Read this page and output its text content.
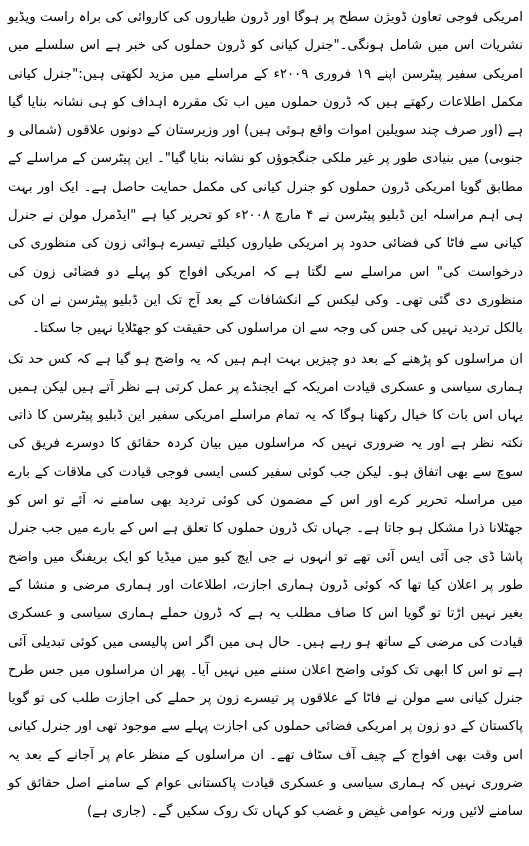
امریکی فوجی تعاون ڈویژن سطح پر ہوگا اور ڈرون طیاروں کی کاروائی کی براہ راست ویڈیو نشریات اس میں شامل ہونگی۔"جنرل کیانی کو ڈرون حملوں کی خبر ہے اس سلسلے میں امریکی سفیر پیٹرسن اپنے ۱۹ فروری ۲۰۰۹ء کے مراسلے میں مزید لکھتی ہیں:"جنرل کیانی مکمل اطلاعات رکھتے ہیں کہ ڈرون حملوں میں اب تک مقررہ اہداف کو ہی نشانہ بنایا گیا ہے (اور صرف چند سویلین اموات واقع ہوئی ہیں) اور وزیرستان کے دونوں علاقوں (شمالی و جنوبی) میں بنیادی طور پر غیر ملکی جنگجوؤں کو نشانہ بنایا گیا"۔ این پیٹرسن کے مراسلے کے مطابق گویا امریکی ڈرون حملوں کو جنرل کیانی کی مکمل حمایت حاصل ہے۔ ایک اور بہت ہی اہم مراسلہ این ڈبلیو پیٹرسن نے ۴ مارچ ۲۰۰۸ء کو تحریر کیا ہے "ایڈمرل مولن نے جنرل کیانی سے فاٹا کی فضائی حدود پر امریکی طیاروں کیلئے تیسرے ہوائی زون کی منظوری کی درخواست کی" اس مراسلے سے لگتا ہے کہ امریکی افواج کو پہلے دو فضائی زون کی منظوری دی گئی تھی۔ وکی لیکس کے انکشافات کے بعد آج تک این ڈبلیو پیٹرسن نے ان کی بالکل تردید نہیں کی جس کی وجہ سے ان مراسلوں کی حقیقت کو جھٹلایا نہیں جا سکتا۔

ان مراسلوں کو پڑھنے کے بعد دو چیزیں بہت اہم ہیں کہ یہ واضح ہو گیا ہے کہ کس حد تک ہماری سیاسی و عسکری قیادت امریکہ کے ایجنڈے پر عمل کرتی ہے نظر آتے ہیں لیکن ہمیں یہاں اس بات کا خیال رکھنا ہوگا کہ یہ تمام مراسلے امریکی سفیر این ڈبلیو پیٹرسن کا ذاتی نکتہ نظر ہے اور یہ ضروری نہیں کہ مراسلوں میں بیان کردہ حقائق کا دوسرے فریق کی سوچ سے بھی اتفاق ہو۔ لیکن جب کوئی سفیر کسی ایسی فوجی قیادت کی ملاقات کے بارے میں مراسلہ تحریر کرے اور اس کے مضمون کی کوئی تردید بھی سامنے نہ آئے تو اس کو جھٹلانا ذرا مشکل ہو جاتا ہے۔ جہاں تک ڈرون حملوں کا تعلق ہے اس کے بارے میں جب جنرل پاشا ڈی جی آئی ایس آئی تھے تو انہوں نے جی ایچ کیو میں میڈیا کو ایک بریفنگ میں واضح طور پر اعلان کیا تھا کہ کوئی ڈرون ہماری اجازت، اطلاعات اور ہماری مرضی و منشا کے بغیر نہیں اڑتا تو گویا اس کا صاف مطلب یہ ہے کہ ڈرون حملے ہماری سیاسی و عسکری قیادت کی مرضی کے ساتھ ہو رہے ہیں۔ حال ہی میں اگر اس پالیسی میں کوئی تبدیلی آئی ہے تو اس کا ابھی تک کوئی واضح اعلان سننے میں نہیں آیا۔ پھر ان مراسلوں میں جس طرح جنرل کیانی سے مولن نے فاٹا کے علاقوں پر تیسرے زون پر حملے کی اجازت طلب کی تو گویا پاکستان کے دو زون پر امریکی فضائی حملوں کی اجازت پہلے سے موجود تھی اور جنرل کیانی اس وقت بھی افواج کے چیف آف سٹاف تھے۔ ان مراسلوں کے منظر عام پر آجانے کے بعد یہ ضروری نہیں کہ ہماری سیاسی و عسکری قیادت پاکستانی عوام کے سامنے اصل حقائق کو سامنے لائیں ورنہ عوامی غیض و غضب کو کہاں تک روک سکیں گے۔ (جاری ہے)
